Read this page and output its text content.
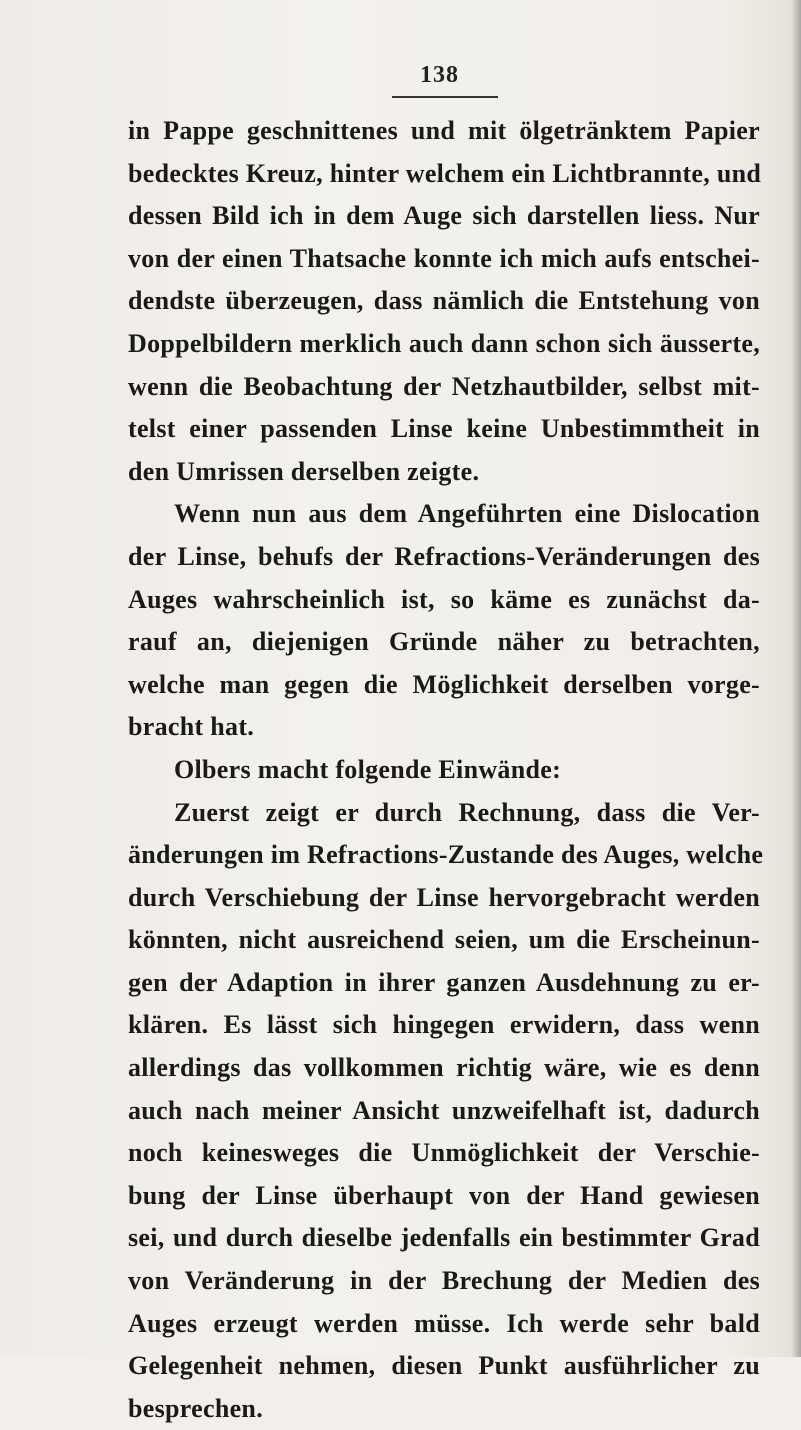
138
in Pappe geschnittenes und mit ölgetränktem Papier
bedecktes Kreuz, hinter welchem ein Lichtbrannte, und
dessen Bild ich in dem Auge sich darstellen liess. Nur
von der einen Thatsache konnte ich mich aufs entschei-
dendste überzeugen, dass nämlich die Entstehung von
Doppelbildern merklich auch dann schon sich äusserte,
wenn die Beobachtung der Netzhautbilder, selbst mit-
telst einer passenden Linse keine Unbestimmtheit in
den Umrissen derselben zeigte.
Wenn nun aus dem Angeführten eine Dislocation
der Linse, behufs der Refractions-Veränderungen des
Auges wahrscheinlich ist, so käme es zunächst da-
rauf an, diejenigen Gründe näher zu betrachten,
welche man gegen die Möglichkeit derselben vorge-
bracht hat.
Olbers macht folgende Einwände:
Zuerst zeigt er durch Rechnung, dass die Ver-
änderungen im Refractions-Zustande des Auges, welche
durch Verschiebung der Linse hervorgebracht werden
könnten, nicht ausreichend seien, um die Erscheinun-
gen der Adaption in ihrer ganzen Ausdehnung zu er-
klären. Es lässt sich hingegen erwidern, dass wenn
allerdings das vollkommen richtig wäre, wie es denn
auch nach meiner Ansicht unzweifelhaft ist, dadurch
noch keinesweges die Unmöglichkeit der Verschie-
bung der Linse überhaupt von der Hand gewiesen
sei, und durch dieselbe jedenfalls ein bestimmter Grad
von Veränderung in der Brechung der Medien des
Auges erzeugt werden müsse. Ich werde sehr bald
Gelegenheit nehmen, diesen Punkt ausführlicher zu
besprechen.
